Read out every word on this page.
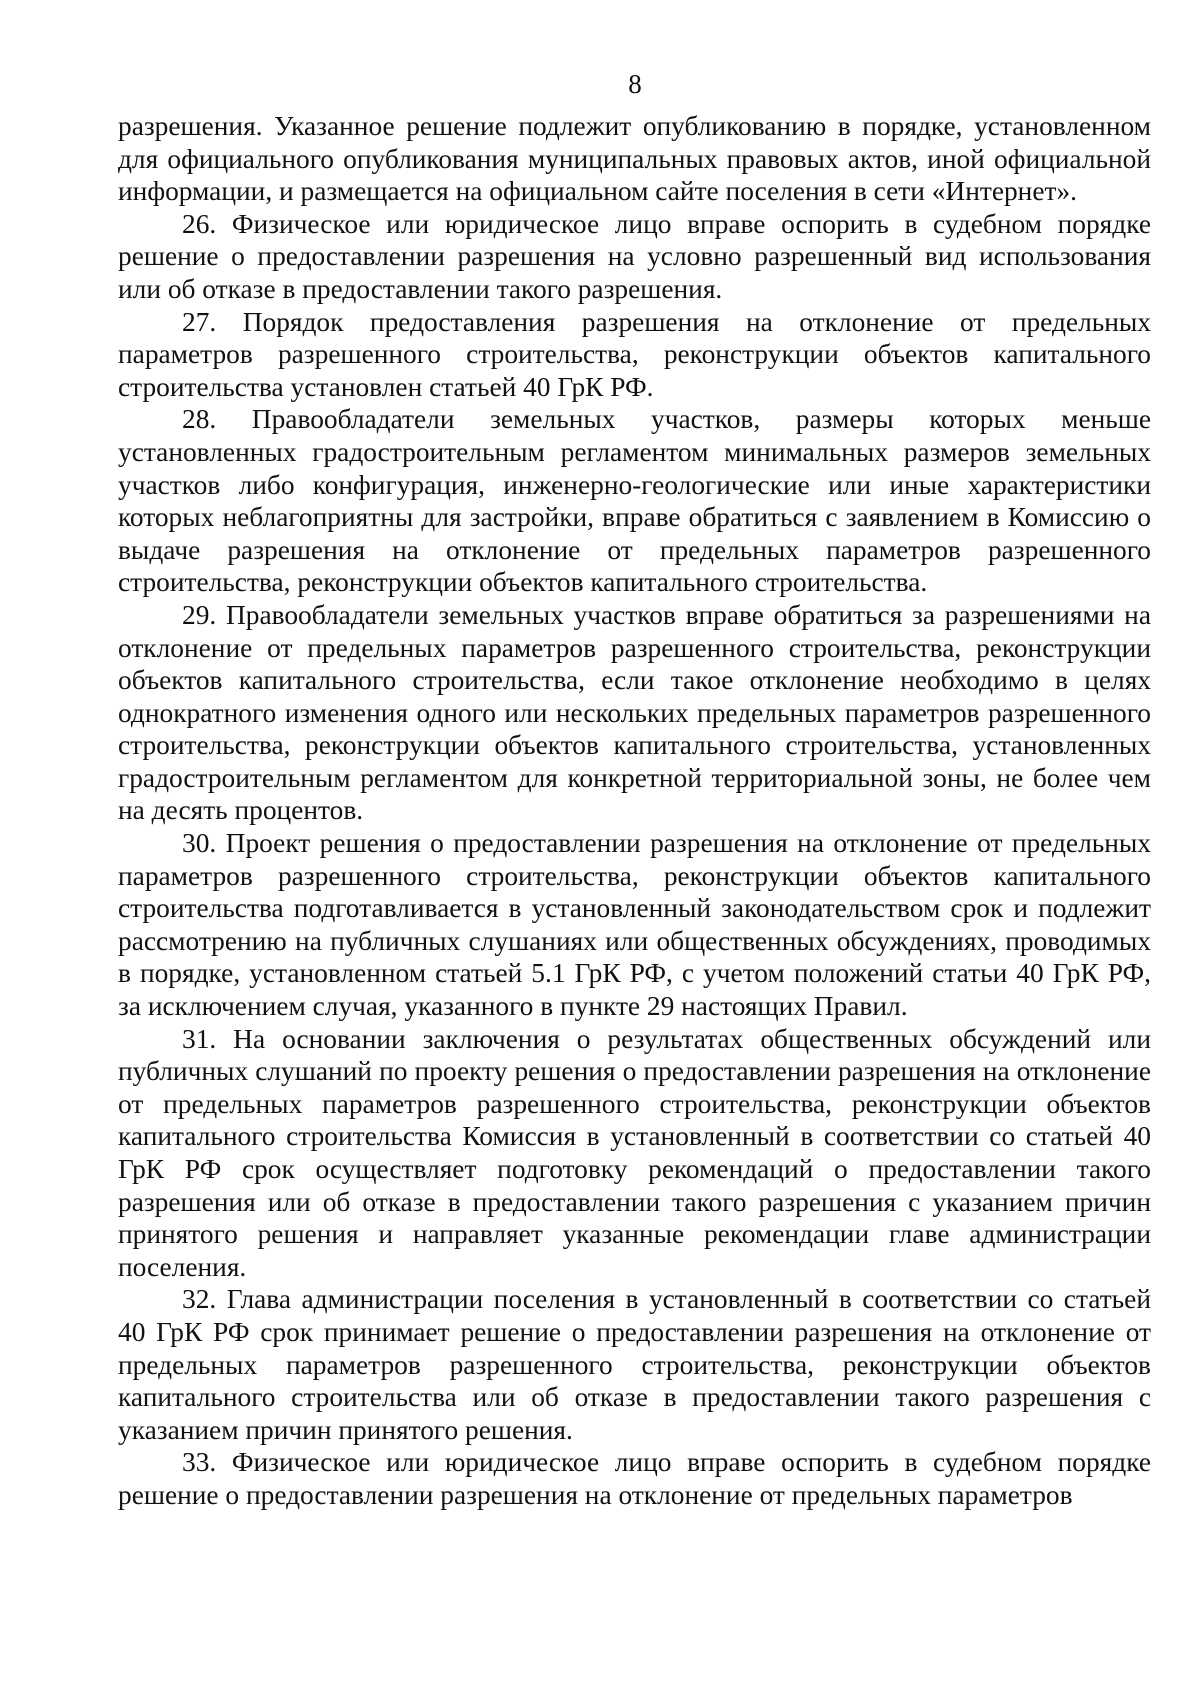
8

разрешения. Указанное решение подлежит опубликованию в порядке, установленном для официального опубликования муниципальных правовых актов, иной официальной информации, и размещается на официальном сайте поселения в сети «Интернет».

26. Физическое или юридическое лицо вправе оспорить в судебном порядке решение о предоставлении разрешения на условно разрешенный вид использования или об отказе в предоставлении такого разрешения.

27. Порядок предоставления разрешения на отклонение от предельных параметров разрешенного строительства, реконструкции объектов капитального строительства установлен статьей 40 ГрК РФ.

28. Правообладатели земельных участков, размеры которых меньше установленных градостроительным регламентом минимальных размеров земельных участков либо конфигурация, инженерно-геологические или иные характеристики которых неблагоприятны для застройки, вправе обратиться с заявлением в Комиссию о выдаче разрешения на отклонение от предельных параметров разрешенного строительства, реконструкции объектов капитального строительства.

29. Правообладатели земельных участков вправе обратиться за разрешениями на отклонение от предельных параметров разрешенного строительства, реконструкции объектов капитального строительства, если такое отклонение необходимо в целях однократного изменения одного или нескольких предельных параметров разрешенного строительства, реконструкции объектов капитального строительства, установленных градостроительным регламентом для конкретной территориальной зоны, не более чем на десять процентов.

30. Проект решения о предоставлении разрешения на отклонение от предельных параметров разрешенного строительства, реконструкции объектов капитального строительства подготавливается в установленный законодательством срок и подлежит рассмотрению на публичных слушаниях или общественных обсуждениях, проводимых в порядке, установленном статьей 5.1 ГрК РФ, с учетом положений статьи 40 ГрК РФ, за исключением случая, указанного в пункте 29 настоящих Правил.

31. На основании заключения о результатах общественных обсуждений или публичных слушаний по проекту решения о предоставлении разрешения на отклонение от предельных параметров разрешенного строительства, реконструкции объектов капитального строительства Комиссия в установленный в соответствии со статьей 40 ГрК РФ срок осуществляет подготовку рекомендаций о предоставлении такого разрешения или об отказе в предоставлении такого разрешения с указанием причин принятого решения и направляет указанные рекомендации главе администрации поселения.

32. Глава администрации поселения в установленный в соответствии со статьей 40 ГрК РФ срок принимает решение о предоставлении разрешения на отклонение от предельных параметров разрешенного строительства, реконструкции объектов капитального строительства или об отказе в предоставлении такого разрешения с указанием причин принятого решения.

33. Физическое или юридическое лицо вправе оспорить в судебном порядке решение о предоставлении разрешения на отклонение от предельных параметров
